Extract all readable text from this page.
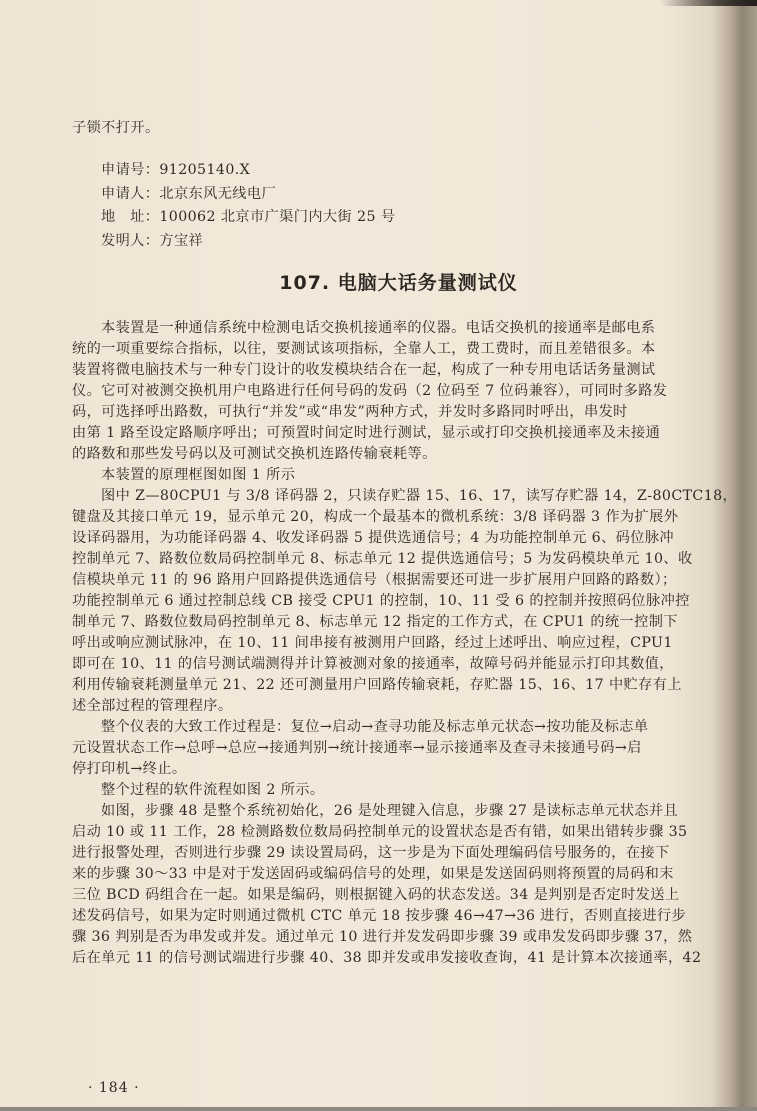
子锁不打开。
申请号：91205140.X
申请人：北京东风无线电厂
地　址：100062 北京市广渠门内大街 25 号
发明人：方宝祥
107. 电脑大话务量测试仪
本装置是一种通信系统中检测电话交换机接通率的仪器。电话交换机的接通率是邮电系
统的一项重要综合指标，以往，要测试该项指标，全靠人工，费工费时，而且差错很多。本
装置将微电脑技术与一种专门设计的收发模块结合在一起，构成了一种专用电话话务量测试
仪。它可对被测交换机用户电路进行任何号码的发码（2 位码至 7 位码兼容），可同时多路发
码，可选择呼出路数，可执行“并发”或“串发”两种方式，并发时多路同时呼出，串发时
由第 1 路至设定路顺序呼出；可预置时间定时进行测试，显示或打印交换机接通率及未接通
的路数和那些发号码以及可测试交换机连路传输衰耗等。
本装置的原理框图如图 1 所示
图中 Z—80CPU1 与 3/8 译码器 2，只读存贮器 15、16、17，读写存贮器 14，Z-80CTC18，
键盘及其接口单元 19，显示单元 20，构成一个最基本的微机系统：3/8 译码器 3 作为扩展外
设译码器用，为功能译码器 4、收发译码器 5 提供选通信号；4 为功能控制单元 6、码位脉冲
控制单元 7、路数位数局码控制单元 8、标志单元 12 提供选通信号；5 为发码模块单元 10、收
信模块单元 11 的 96 路用户回路提供选通信号（根据需要还可进一步扩展用户回路的路数）；
功能控制单元 6 通过控制总线 CB 接受 CPU1 的控制，10、11 受 6 的控制并按照码位脉冲控
制单元 7、路数位数局码控制单元 8、标志单元 12 指定的工作方式，在 CPU1 的统一控制下
呼出或响应测试脉冲，在 10、11 间串接有被测用户回路，经过上述呼出、响应过程，CPU1
即可在 10、11 的信号测试端测得并计算被测对象的接通率，故障号码并能显示打印其数值，
利用传输衰耗测量单元 21、22 还可测量用户回路传输衰耗，存贮器 15、16、17 中贮存有上
述全部过程的管理程序。
整个仪表的大致工作过程是：复位→启动→查寻功能及标志单元状态→按功能及标志单
元设置状态工作→总呼→总应→接通判别→统计接通率→显示接通率及查寻未接通号码→启
停打印机→终止。
整个过程的软件流程如图 2 所示。
如图，步骤 48 是整个系统初始化，26 是处理键入信息，步骤 27 是读标志单元状态并且
启动 10 或 11 工作，28 检测路数位数局码控制单元的设置状态是否有错，如果出错转步骤 35
进行报警处理，否则进行步骤 29 读设置局码，这一步是为下面处理编码信号服务的，在接下
来的步骤 30～33 中是对于发送固码或编码信号的处理，如果是发送固码则将预置的局码和末
三位 BCD 码组合在一起。如果是编码，则根据键入码的状态发送。34 是判别是否定时发送上
述发码信号，如果为定时则通过微机 CTC 单元 18 按步骤 46→47→36 进行，否则直接进行步
骤 36 判别是否为串发或并发。通过单元 10 进行并发发码即步骤 39 或串发发码即步骤 37，然
后在单元 11 的信号测试端进行步骤 40、38 即并发或串发接收查询，41 是计算本次接通率，42
· 184 ·
